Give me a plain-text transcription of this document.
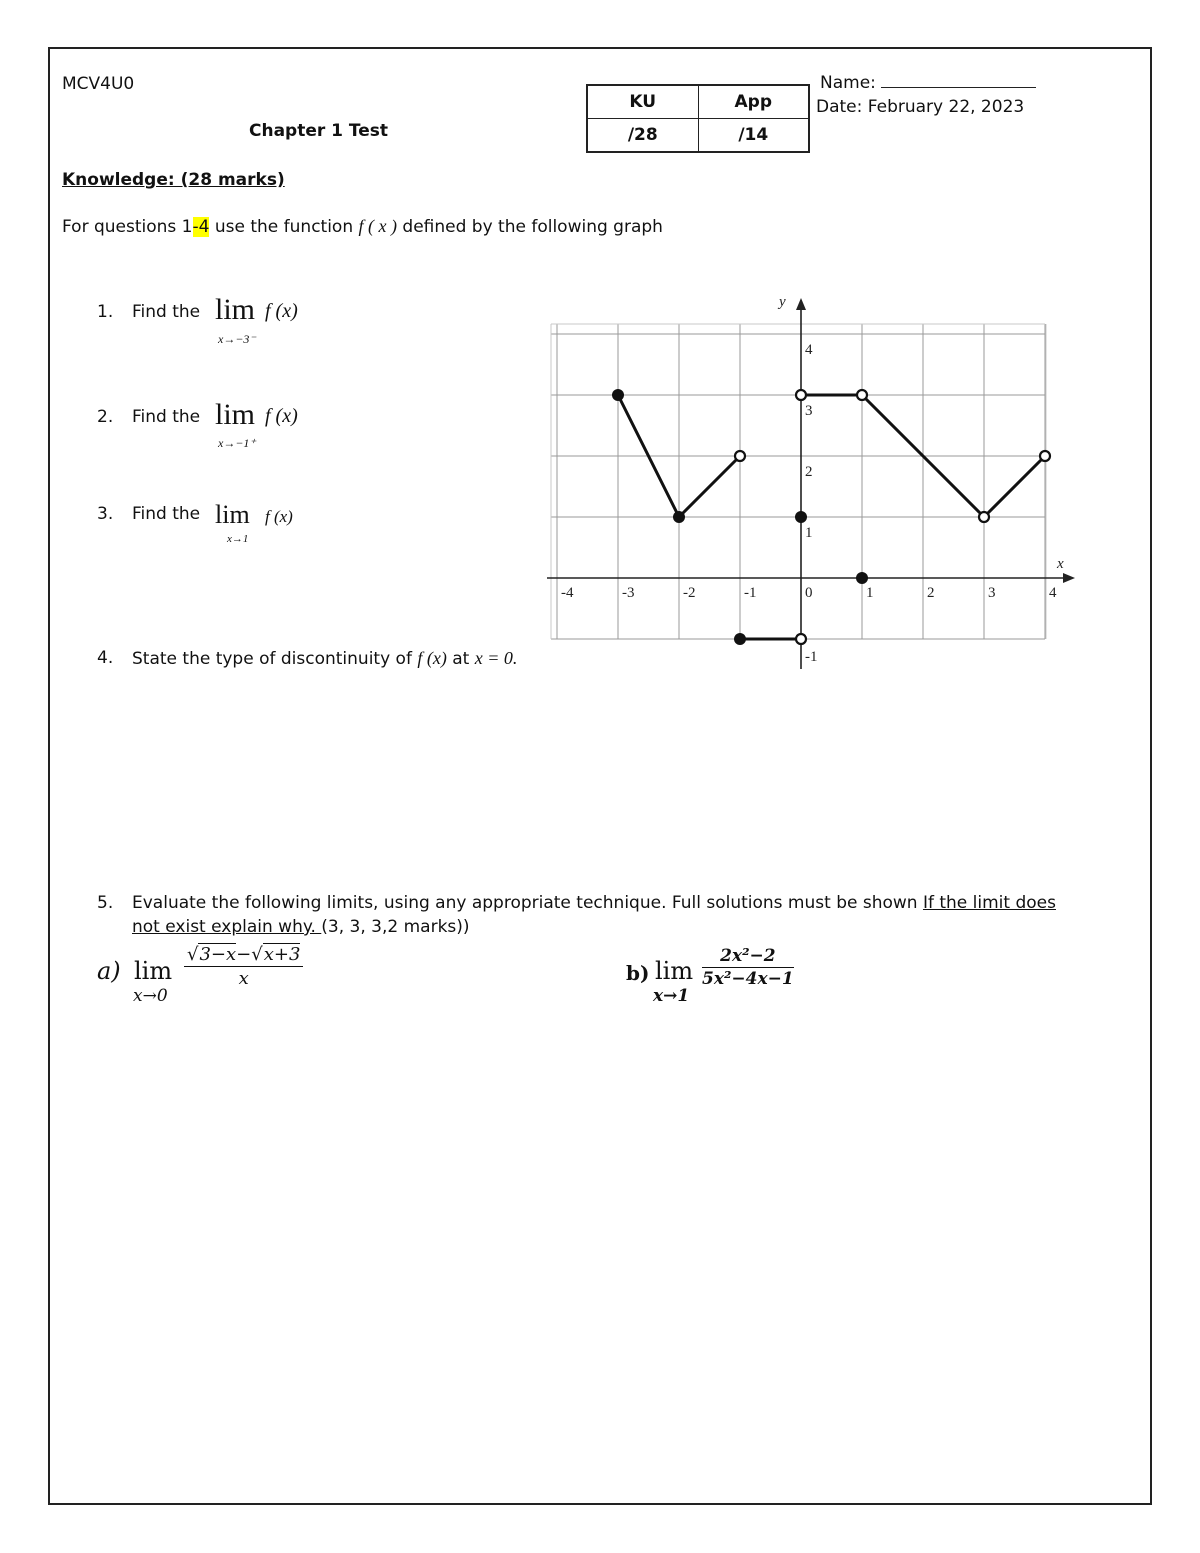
MCV4U0
Chapter 1 Test
KU	App
/28	/14
Name:
Date: February 22, 2023
Knowledge: (28 marks)
For questions 1-4 use the function f ( x ) defined by the following graph
1. Find the lim
x→−3⁻
f (x)
2. Find the lim
x→−1⁺
f (x)
3. Find the lim
x→1
f (x)
4. State the type of discontinuity of f (x) at x = 0.
x
y
-4	-3	-2	-1	0	1	2	3	4
-1
1
2
3
4
5. Evaluate the following limits, using any appropriate technique. Full solutions must be shown If the limit does
not exist explain why. (3, 3, 3,2 marks))
a) lim
x→0
$\frac{√3-x-√x+3}{x}$	b) lim
x→1
$\frac{\text{2x²−2}}{\text{5x²−4x−1}}$
